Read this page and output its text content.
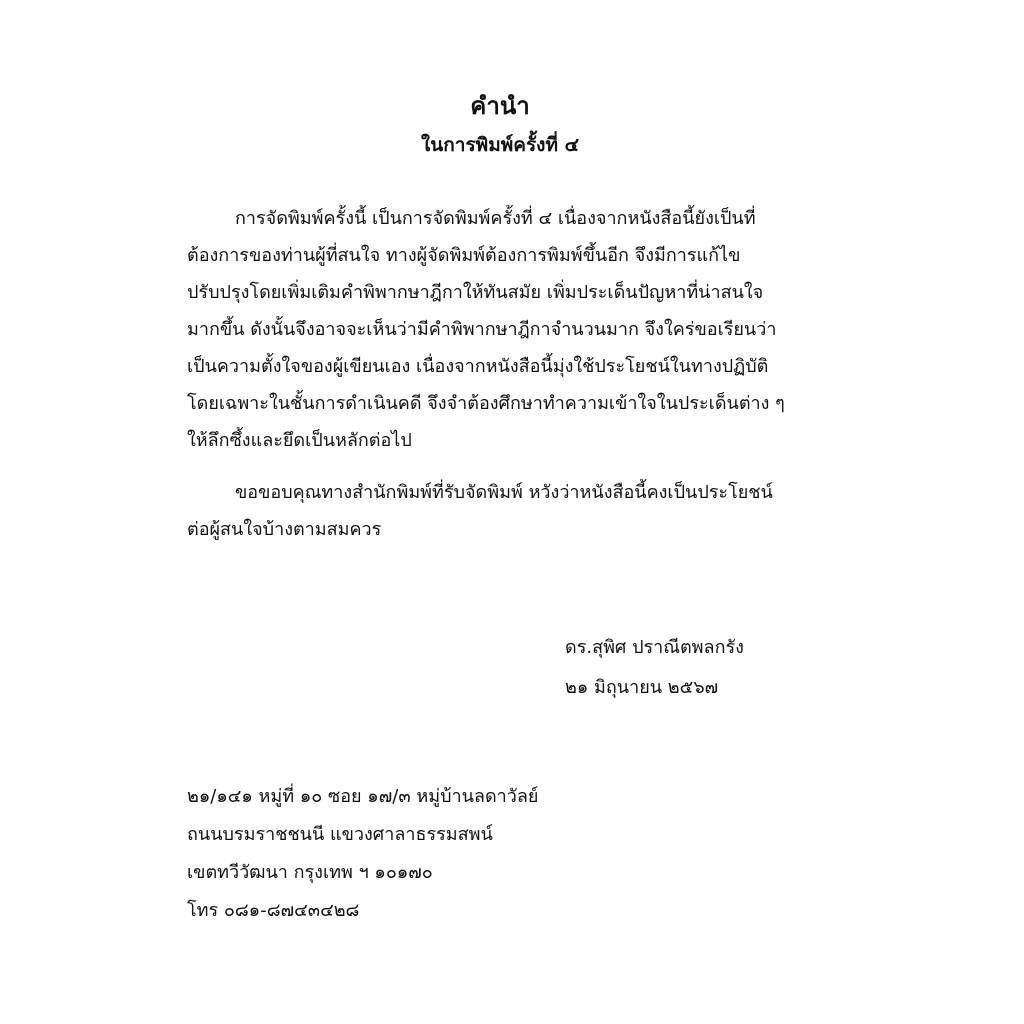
คำนำ
ในการพิมพ์ครั้งที่ ๔
การจัดพิมพ์ครั้งนี้ เป็นการจัดพิมพ์ครั้งที่ ๔ เนื่องจากหนังสือนี้ยังเป็นที่
ต้องการของท่านผู้ที่สนใจ ทางผู้จัดพิมพ์ต้องการพิมพ์ขึ้นอีก จึงมีการแก้ไข
ปรับปรุงโดยเพิ่มเติมคำพิพากษาฎีกาให้ทันสมัย เพิ่มประเด็นปัญหาที่น่าสนใจ
มากขึ้น ดังนั้นจึงอาจจะเห็นว่ามีคำพิพากษาฎีกาจำนวนมาก จึงใคร่ขอเรียนว่า
เป็นความตั้งใจของผู้เขียนเอง เนื่องจากหนังสือนี้มุ่งใช้ประโยชน์ในทางปฏิบัติ
โดยเฉพาะในชั้นการดำเนินคดี จึงจำต้องศึกษาทำความเข้าใจในประเด็นต่าง ๆ
ให้ลึกซึ้งและยึดเป็นหลักต่อไป
ขอขอบคุณทางสำนักพิมพ์ที่รับจัดพิมพ์ หวังว่าหนังสือนี้คงเป็นประโยชน์
ต่อผู้สนใจบ้างตามสมควร
ดร.สุพิศ ปราณีตพลกรัง
๒๑ มิถุนายน ๒๕๖๗
๒๑/๑๔๑ หมู่ที่ ๑๐ ซอย ๑๗/๓ หมู่บ้านลดาวัลย์
ถนนบรมราชชนนี แขวงศาลาธรรมสพน์
เขตทวีวัฒนา กรุงเทพ ฯ ๑๐๑๗๐
โทร ๐๘๑-๘๗๔๓๔๒๘
